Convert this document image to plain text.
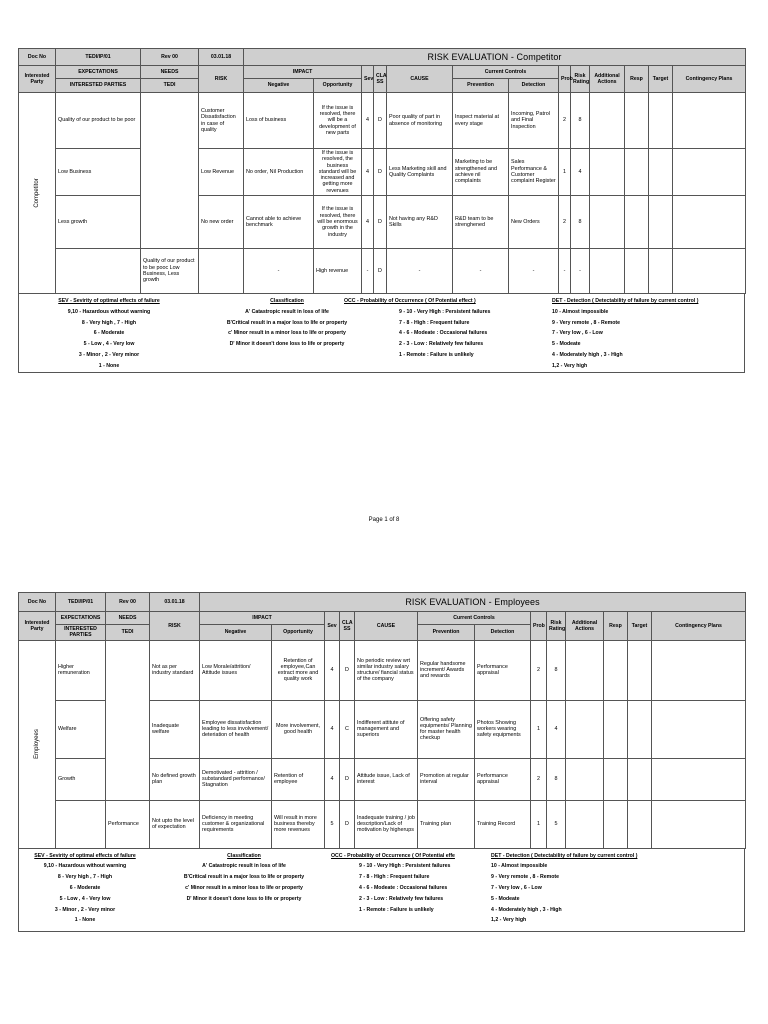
Doc No	TEDI/IP/01	Rev 00	03.01.18	RISK EVALUATION - Competitor												
Interested Party	EXPECTATIONS	NEEDS	RISK	IMPACT		Sev	CLA SS	CAUSE	Current Controls		Prob	Risk Rating	Additional Actions	Resp	Target	Contingency Plans
	INTERESTED PARTIES	TEDI		Negative	Opportunity				Prevention	Detection						

Competitor	Quality of our product to be poor		Customer Dissatisfaction in case of quality	Loss of business	If the issue is resolved, there will be a development of new parts	4	D	Poor quality of part in absence of monitoring	Inspect material at every stage	Incoming, Patrol and Final Inspection	2	8				
	Low Business		Low Revenue	No order, Nil Production	If the issue is resolved, the business standard will be increased and getting more revenues	4	D	Less Marketing skill and Quality Complaints	Marketing to be strengthened and achieve nil complaints	Sales Performance & Customer complaint Register	1	4				
	Less growth		No new order	Cannot able to achieve benchmark	If the issue is resolved, there will be enormous growth in the industry	4	D	Not having any R&D Skills	R&D team to be strenghened	New Orders	2	8				
		Quality of our product to be pooc Low Business, Less growth		-	High revenue	-	D	-	-	-	-	-				
SEV - Sevirity of optimal effects of failure
9,10 - Hazardous without warning
8 - Very high , 7 - High
6 - Moderate
5 - Low , 4 - Very low
3 - Minor , 2 - Very minor
1 - None
Classification
A' Catastropic result in loss of life
B'Critical result in a major loss to life or property
c' Minor result in a minor loss to life or property
D' Minor it doesn't done loss to life or property
OCC - Probability of Occurrence ( Of Potential effect )
9 - 10 - Very High : Persistent failures
7 - 8 - High : Frequent failure
4 - 6 - Modeate : Occasional failures
2 - 3 - Low : Relatively few failures
1 - Remote : Failure is unlikely
DET - Detection ( Detectability of failure by current control )
10 - Almost impossible
9 - Very remote , 8 - Remote
7 - Very low , 6 - Low
5 - Modeate
4 - Moderately high , 3 - High
1,2 - Very high
Page 1 of 8
Doc No	TEDI/IP/01	Rev 00	03.01.18	RISK EVALUATION - Employees												
Interested Party	EXPECTATIONS	NEEDS	RISK	IMPACT		Sev	CLA SS	CAUSE	Current Controls		Prob	Risk Rating	Additional Actions	Resp	Target	Contingency Plans
	INTERESTED PARTIES	TEDI		Negative	Opportunity				Prevention	Detection						

Employees	Higher remuneration		Not as per industry standard	Low Morale/attrition/ Attitude issues	Retention of employee,Can extract more and quality work	4	D	No periodic review wrt similar industry salary structure/ fiancial status of the company	Regular handsome increment/ Awards and rewards	Performance appraisal	2	8				
	Welfare		Inadequate welfare	Employee dissatisfaction leading to less involvement/ deteriation of health	More involvement, good health	4	C	Indifferent attitute of management and superiors	Offering safety equipments/ Planning for master health checkup	Photos Showing workers wearing safety equipments	1	4				
	Growth		No defined growth plan	Demotivated - attrition / substandard performance/ Stagnation	Retention of employee	4	D	Attitude issue, Lack of interest	Promotion at regular interval	Performance appraisal	2	8				
		Performance	Not upto the level of expectation	Deficiency in meeting customer & organizational requirements	Will result in more business thereby more revenues	5	D	Inadequate training / job description/Lack of motivation by higherups	Training plan	Training Record	1	5				
SEV - Sevirity of optimal effects of failure
9,10 - Hazardous without warning
8 - Very high , 7 - High
6 - Moderate
5 - Low , 4 - Very low
3 - Minor , 2 - Very minor
1 - None
Classification
A' Catastropic result in loss of life
B'Critical result in a major loss to life or property
c' Minor result in a minor loss to life or property
D' Minor it doesn't done loss to life or property
OCC - Probability of Occurrence ( Of Potential effe
9 - 10 - Very High : Persistent failures
7 - 8 - High : Frequent failure
4 - 6 - Modeate : Occasional failures
2 - 3 - Low : Relatively few failures
1 - Remote : Failure is unlikely
DET - Detection ( Detectability of failure by current control )
10 - Almost impossible
9 - Very remote , 8 - Remote
7 - Very low , 6 - Low
5 - Modeate
4 - Moderately high , 3 - High
1,2 - Very high
